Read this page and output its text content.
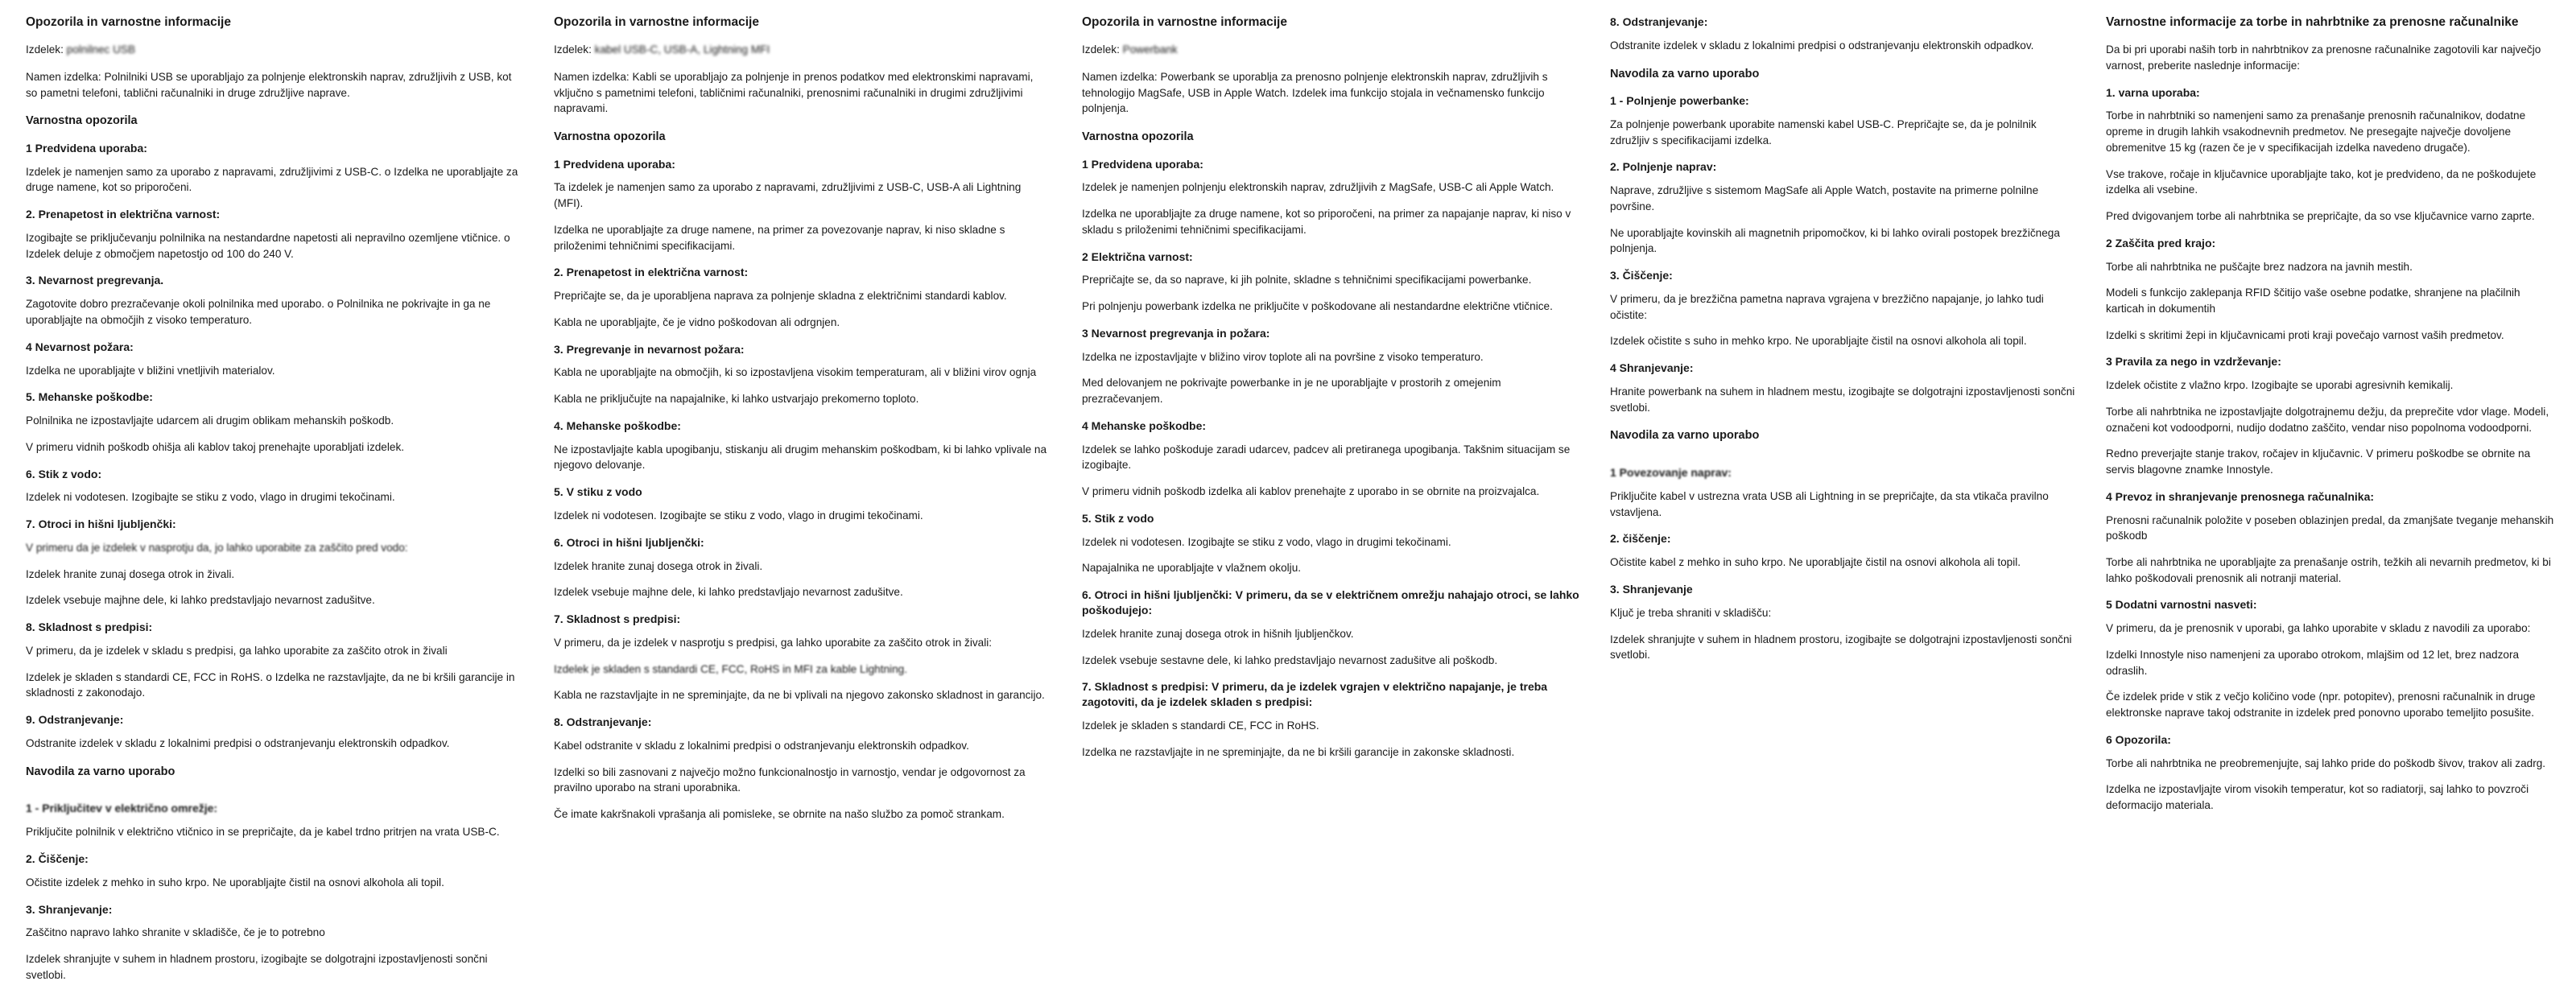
Opozorila in varnostne informacije
Izdelek: polnilnec USB
Namen izdelka: Polnilniki USB se uporabljajo za polnjenje elektronskih naprav, združljivih z USB, kot so pametni telefoni, tablični računalniki in druge združljive naprave.
Varnostna opozorila
1 Predvidena uporaba:
Izdelek je namenjen samo za uporabo z napravami, združljivimi z USB-C. o Izdelka ne uporabljajte za druge namene, kot so priporočeni.
2. Prenapetost in električna varnost:
Izogibajte se priključevanju polnilnika na nestandardne napetosti ali nepravilno ozemljene vtičnice. o Izdelek deluje z območjem napetostjo od 100 do 240 V.
3. Nevarnost pregrevanja.
Zagotovite dobro prezračevanje okoli polnilnika med uporabo. o Polnilnika ne pokrivajte in ga ne uporabljajte na območjih z visoko temperaturo.
4 Nevarnost požara:
Izdelka ne uporabljajte v bližini vnetljivih materialov.
5. Mehanske poškodbe:
Polnilnika ne izpostavljajte udarcem ali drugim oblikam mehanskih poškodb.
V primeru vidnih poškodb ohišja ali kablov takoj prenehajte uporabljati izdelek.
6. Stik z vodo:
Izdelek ni vodotesen. Izogibajte se stiku z vodo, vlago in drugimi tekočinami.
7. Otroci in hišni ljubljenčki:
V primeru da je izdelek v nasprotju da, jo lahko uporabite za zaščito pred vodo:
Izdelek hranite zunaj dosega otrok in živali.
Izdelek vsebuje majhne dele, ki lahko predstavljajo nevarnost zadušitve.
8. Skladnost s predpisi:
V primeru, da je izdelek v skladu s predpisi, ga lahko uporabite za zaščito otrok in živali
Izdelek je skladen s standardi CE, FCC in RoHS. o Izdelka ne razstavljajte, da ne bi kršili garancije in skladnosti z zakonodajo.
9. Odstranjevanje:
Odstranite izdelek v skladu z lokalnimi predpisi o odstranjevanju elektronskih odpadkov.
Navodila za varno uporabo
1 - Priključitev v električno omrežje:
Priključite polnilnik v električno vtičnico in se prepričajte, da je kabel trdno pritrjen na vrata USB-C.
2. Čiščenje:
Očistite izdelek z mehko in suho krpo. Ne uporabljajte čistil na osnovi alkohola ali topil.
3. Shranjevanje:
Zaščitno napravo lahko shranite v skladišče, če je to potrebno
Izdelek shranjujte v suhem in hladnem prostoru, izogibajte se dolgotrajni izpostavljenosti sončni svetlobi.
Opozorila in varnostne informacije
Izdelek: kabel USB-C, USB-A, Lightning MFI
Namen izdelka: Kabli se uporabljajo za polnjenje in prenos podatkov med elektronskimi napravami, vključno s pametnimi telefoni, tabličnimi računalniki, prenosnimi računalniki in drugimi združljivimi napravami.
Varnostna opozorila
1 Predvidena uporaba:
Ta izdelek je namenjen samo za uporabo z napravami, združljivimi z USB-C, USB-A ali Lightning (MFI).
Izdelka ne uporabljajte za druge namene, na primer za povezovanje naprav, ki niso skladne s priloženimi tehničnimi specifikacijami.
2. Prenapetost in električna varnost:
Prepričajte se, da je uporabljena naprava za polnjenje skladna z električnimi standardi kablov.
Kabla ne uporabljajte, če je vidno poškodovan ali odrgnjen.
3. Pregrevanje in nevarnost požara:
Kabla ne uporabljajte na območjih, ki so izpostavljena visokim temperaturam, ali v bližini virov ognja
Kabla ne priključujte na napajalnike, ki lahko ustvarjajo prekomerno toploto.
4. Mehanske poškodbe:
Ne izpostavljajte kabla upogibanju, stiskanju ali drugim mehanskim poškodbam, ki bi lahko vplivale na njegovo delovanje.
5. V stiku z vodo
Izdelek ni vodotesen. Izogibajte se stiku z vodo, vlago in drugimi tekočinami.
6. Otroci in hišni ljubljenčki:
Izdelek hranite zunaj dosega otrok in živali.
Izdelek vsebuje majhne dele, ki lahko predstavljajo nevarnost zadušitve.
7. Skladnost s predpisi:
V primeru, da je izdelek v nasprotju s predpisi, ga lahko uporabite za zaščito otrok in živali:
Izdelek je skladen s standardi CE, FCC, RoHS in MFI za kable Lightning.
Kabla ne razstavljajte in ne spreminjajte, da ne bi vplivali na njegovo zakonsko skladnost in garancijo.
8. Odstranjevanje:
Kabel odstranite v skladu z lokalnimi predpisi o odstranjevanju elektronskih odpadkov.
Izdelki so bili zasnovani z največjo možno funkcionalnostjo in varnostjo, vendar je odgovornost za pravilno uporabo na strani uporabnika.
Če imate kakršnakoli vprašanja ali pomisleke, se obrnite na našo službo za pomoč strankam.
Opozorila in varnostne informacije
Izdelek: Powerbank
Namen izdelka: Powerbank se uporablja za prenosno polnjenje elektronskih naprav, združljivih s tehnologijo MagSafe, USB in Apple Watch. Izdelek ima funkcijo stojala in večnamensko funkcijo polnjenja.
Varnostna opozorila
1 Predvidena uporaba:
Izdelek je namenjen polnjenju elektronskih naprav, združljivih z MagSafe, USB-C ali Apple Watch.
Izdelka ne uporabljajte za druge namene, kot so priporočeni, na primer za napajanje naprav, ki niso v skladu s priloženimi tehničnimi specifikacijami.
2 Električna varnost:
Prepričajte se, da so naprave, ki jih polnite, skladne s tehničnimi specifikacijami powerbanke.
Pri polnjenju powerbank izdelka ne priključite v poškodovane ali nestandardne električne vtičnice.
3 Nevarnost pregrevanja in požara:
Izdelka ne izpostavljajte v bližino virov toplote ali na površine z visoko temperaturo.
Med delovanjem ne pokrivajte powerbanke in je ne uporabljajte v prostorih z omejenim prezračevanjem.
4 Mehanske poškodbe:
Izdelek se lahko poškoduje zaradi udarcev, padcev ali pretiranega upogibanja. Takšnim situacijam se izogibajte.
V primeru vidnih poškodb izdelka ali kablov prenehajte z uporabo in se obrnite na proizvajalca.
5. Stik z vodo
Izdelek ni vodotesen. Izogibajte se stiku z vodo, vlago in drugimi tekočinami.
Napajalnika ne uporabljajte v vlažnem okolju.
6. Otroci in hišni ljubljenčki: V primeru, da se v električnem omrežju nahajajo otroci, se lahko poškodujejo:
Izdelek hranite zunaj dosega otrok in hišnih ljubljenčkov.
Izdelek vsebuje sestavne dele, ki lahko predstavljajo nevarnost zadušitve ali poškodb.
7. Skladnost s predpisi: V primeru, da je izdelek vgrajen v električno napajanje, je treba zagotoviti, da je izdelek skladen s predpisi:
Izdelek je skladen s standardi CE, FCC in RoHS.
Izdelka ne razstavljajte in ne spreminjajte, da ne bi kršili garancije in zakonske skladnosti.
8. Odstranjevanje:
Odstranite izdelek v skladu z lokalnimi predpisi o odstranjevanju elektronskih odpadkov.
Navodila za varno uporabo
1 - Polnjenje powerbanke:
Za polnjenje powerbank uporabite namenski kabel USB-C. Prepričajte se, da je polnilnik združljiv s specifikacijami izdelka.
2. Polnjenje naprav:
Naprave, združljive s sistemom MagSafe ali Apple Watch, postavite na primerne polnilne površine.
Ne uporabljajte kovinskih ali magnetnih pripomočkov, ki bi lahko ovirali postopek brezžičnega polnjenja.
3. Čiščenje:
V primeru, da je brezžična pametna naprava vgrajena v brezžično napajanje, jo lahko tudi očistite:
Izdelek očistite s suho in mehko krpo. Ne uporabljajte čistil na osnovi alkohola ali topil.
4 Shranjevanje:
Hranite powerbank na suhem in hladnem mestu, izogibajte se dolgotrajni izpostavljenosti sončni svetlobi.
Navodila za varno uporabo
1 Povezovanje naprav:
Priključite kabel v ustrezna vrata USB ali Lightning in se prepričajte, da sta vtikača pravilno vstavljena.
2. čiščenje:
Očistite kabel z mehko in suho krpo. Ne uporabljajte čistil na osnovi alkohola ali topil.
3. Shranjevanje
Ključ je treba shraniti v skladišču:
Izdelek shranjujte v suhem in hladnem prostoru, izogibajte se dolgotrajni izpostavljenosti sončni svetlobi.
Varnostne informacije za torbe in nahrbtnike za prenosne računalnike
Da bi pri uporabi naših torb in nahrbtnikov za prenosne računalnike zagotovili kar največjo varnost, preberite naslednje informacije:
1. varna uporaba:
Torbe in nahrbtniki so namenjeni samo za prenašanje prenosnih računalnikov, dodatne opreme in drugih lahkih vsakodnevnih predmetov. Ne presegajte največje dovoljene obremenitve 15 kg (razen če je v specifikacijah izdelka navedeno drugače).
Vse trakove, ročaje in ključavnice uporabljajte tako, kot je predvideno, da ne poškodujete izdelka ali vsebine.
Pred dvigovanjem torbe ali nahrbtnika se prepričajte, da so vse ključavnice varno zaprte.
2 Zaščita pred krajo:
Torbe ali nahrbtnika ne puščajte brez nadzora na javnih mestih.
Modeli s funkcijo zaklepanja RFID ščitijo vaše osebne podatke, shranjene na plačilnih karticah in dokumentih
Izdelki s skritimi žepi in ključavnicami proti kraji povečajo varnost vaših predmetov.
3 Pravila za nego in vzdrževanje:
Izdelek očistite z vlažno krpo. Izogibajte se uporabi agresivnih kemikalij.
Torbe ali nahrbtnika ne izpostavljajte dolgotrajnemu dežju, da preprečite vdor vlage. Modeli, označeni kot vodoodporni, nudijo dodatno zaščito, vendar niso popolnoma vodoodporni.
Redno preverjajte stanje trakov, ročajev in ključavnic. V primeru poškodbe se obrnite na servis blagovne znamke Innostyle.
4 Prevoz in shranjevanje prenosnega računalnika:
Prenosni računalnik položite v poseben oblazinjen predal, da zmanjšate tveganje mehanskih poškodb
Torbe ali nahrbtnika ne uporabljajte za prenašanje ostrih, težkih ali nevarnih predmetov, ki bi lahko poškodovali prenosnik ali notranji material.
5 Dodatni varnostni nasveti:
V primeru, da je prenosnik v uporabi, ga lahko uporabite v skladu z navodili za uporabo:
Izdelki Innostyle niso namenjeni za uporabo otrokom, mlajšim od 12 let, brez nadzora odraslih.
Če izdelek pride v stik z večjo količino vode (npr. potopitev), prenosni računalnik in druge elektronske naprave takoj odstranite in izdelek pred ponovno uporabo temeljito posušite.
6 Opozorila:
Torbe ali nahrbtnika ne preobremenjujte, saj lahko pride do poškodb šivov, trakov ali zadrg.
Izdelka ne izpostavljajte virom visokih temperatur, kot so radiatorji, saj lahko to povzroči deformacijo materiala.
